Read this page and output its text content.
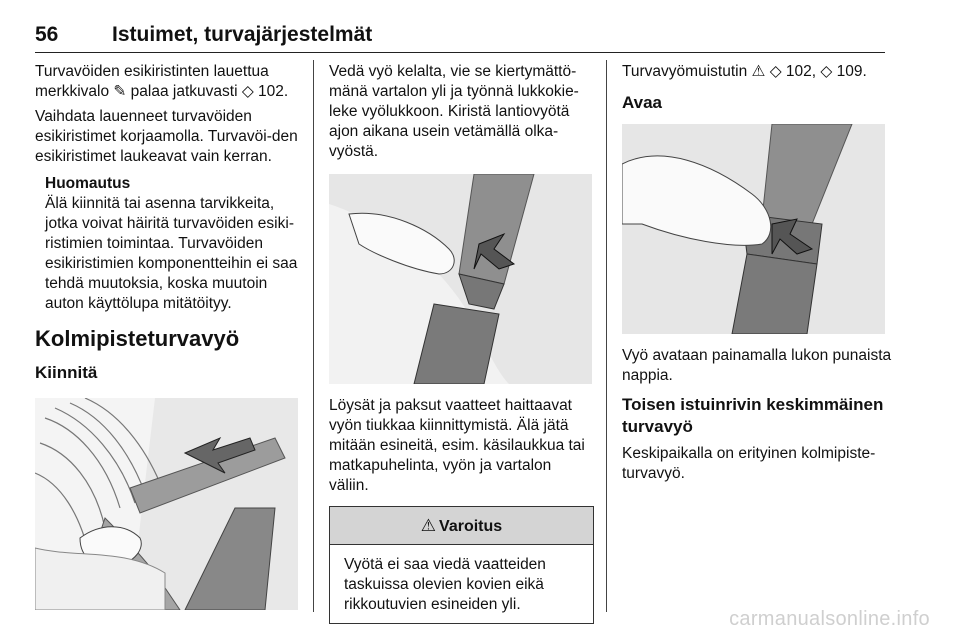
56	Istuimet, turvajärjestelmät

Turvavöiden esikiristinten lauettua merkkivalo ✎ palaa jatkuvasti ◇ 102.

Vaihdata lauenneet turvavöiden esikiristimet korjaamolla. Turvavöi-den esikiristimet laukeavat vain kerran.

Huomautus
Älä kiinnitä tai asenna tarvikkeita, jotka voivat häiritä turvavöiden esiki-ristimien toimintaa. Turvavöiden esikiristimien komponentteihin ei saa tehdä muutoksia, koska muutoin auton käyttölupa mitätöityy.
Kolmipisteturvavyö
Kiinnitä

Vedä vyö kelalta, vie se kiertymättö-mänä vartalon yli ja työnnä lukkokie-leke vyölukkoon. Kiristä lantiovyötä ajon aikana usein vetämällä olka-vyöstä.

Löysät ja paksut vaatteet haittaavat vyön tiukkaa kiinnittymistä. Älä jätä mitään esineitä, esim. käsilaukkua tai matkapuhelinta, vyön ja vartalon väliin.

⚠ Varoitus
Vyötä ei saa viedä vaatteiden taskuissa olevien kovien eikä rikkoutuvien esineiden yli.

Turvavyömuistutin ⚠ ◇ 102, ◇ 109.

Avaa

Vyö avataan painamalla lukon punaista nappia.

Toisen istuinrivin keskimmäinen turvavyö

Keskipaikalla on erityinen kolmipiste-turvavyö.

carmanualsonline.info
